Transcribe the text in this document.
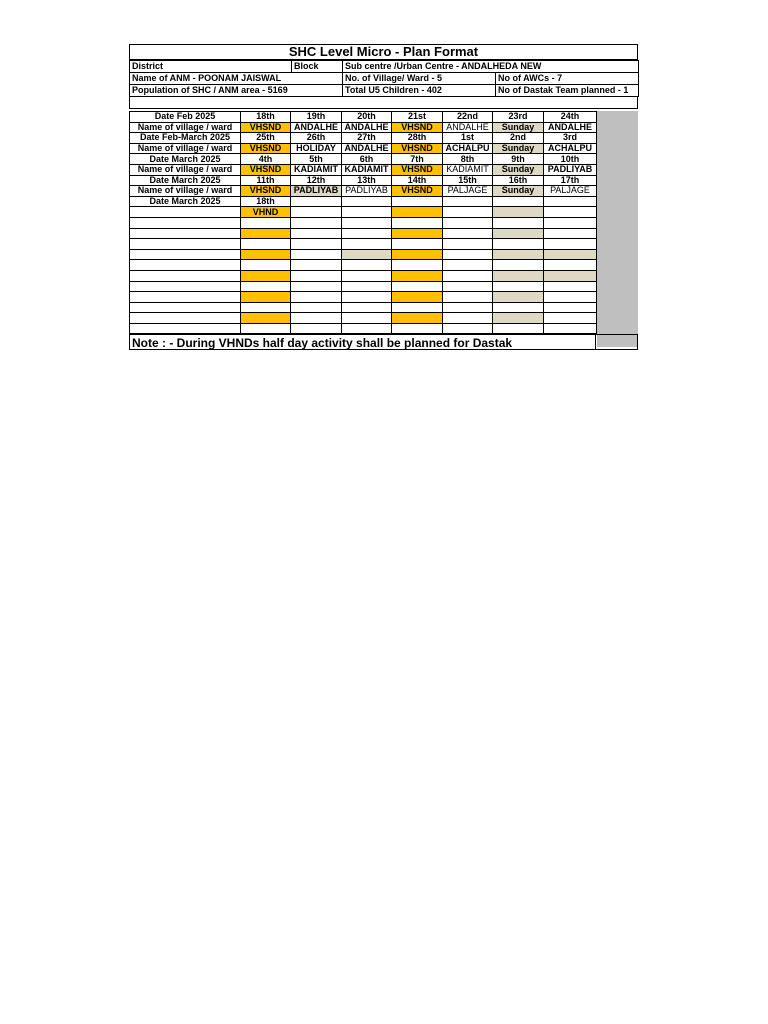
SHC Level Micro - Plan Format
District	Block	Sub centre /Urban Centre - ANDALHEDA NEW	
Name of ANM - POONAM JAISWAL		No. of Village/ Ward - 5	No of AWCs - 7
Population of SHC / ANM area - 5169		Total U5 Children - 402	No of Dastak Team planned - 1
Date Feb 2025	18th	19th	20th	21st	22nd	23rd	24th
Name of village / ward	VHSND	ANDALHE	ANDALHE	VHSND	ANDALHE	Sunday	ANDALHE
Date Feb-March 2025	25th	26th	27th	28th	1st	2nd	3rd
Name of village / ward	VHSND	HOLIDAY	ANDALHE	VHSND	ACHALPU	Sunday	ACHALPU
Date March 2025	4th	5th	6th	7th	8th	9th	10th
Name of village / ward	VHSND	KADIAMIT	KADIAMIT	VHSND	KADIAMIT	Sunday	PADLIYAB
Date March 2025	11th	12th	13th	14th	15th	16th	17th
Name of village / ward	VHSND	PADLIYAB	PADLIYAB	VHSND	PALJAGE	Sunday	PALJAGE
Date March 2025	18th						
	VHND						

Note : - During VHNDs half day activity shall be planned for Dastak
